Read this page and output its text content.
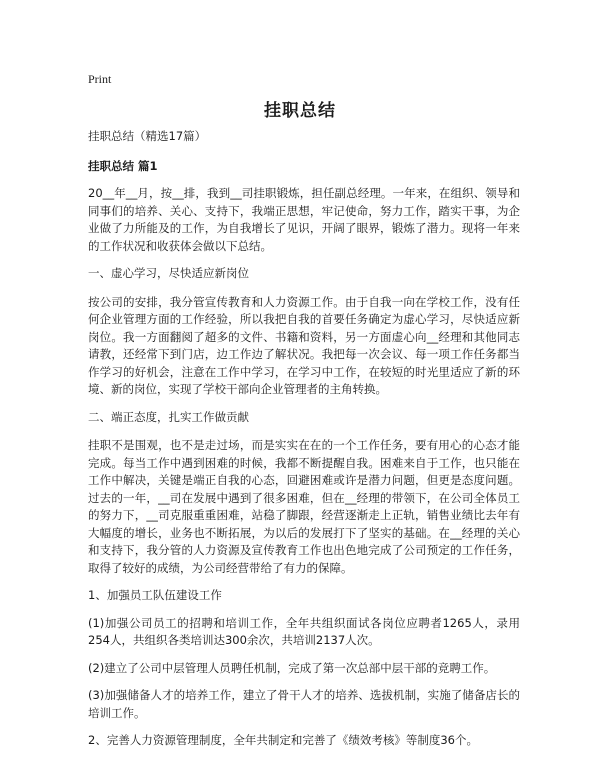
Print
挂职总结

挂职总结（精选17篇）

挂职总结 篇1

20__年__月，按__排，我到__司挂职锻炼，担任副总经理。一年来，在组织、领导和同事们的培养、关心、支持下，我端正思想，牢记使命，努力工作，踏实干事，为企业做了力所能及的工作，为自我增长了见识，开阔了眼界，锻炼了潜力。现将一年来的工作状况和收获体会做以下总结。

一、虚心学习，尽快适应新岗位

按公司的安排，我分管宣传教育和人力资源工作。由于自我一向在学校工作，没有任何企业管理方面的工作经验，所以我把自我的首要任务确定为虚心学习，尽快适应新岗位。我一方面翻阅了超多的文件、书籍和资料，另一方面虚心向__经理和其他同志请教，还经常下到门店，边工作边了解状况。我把每一次会议、每一项工作任务都当作学习的好机会，注意在工作中学习，在学习中工作，在较短的时光里适应了新的环境、新的岗位，实现了学校干部向企业管理者的主角转换。

二、端正态度，扎实工作做贡献

挂职不是围观，也不是走过场，而是实实在在的一个工作任务，要有用心的心态才能完成。每当工作中遇到困难的时候，我都不断提醒自我。困难来自于工作，也只能在工作中解决，关键是端正自我的心态，回避困难或许是潜力问题，但更是态度问题。过去的一年，__司在发展中遇到了很多困难，但在__经理的带领下，在公司全体员工的努力下，__司克服重重困难，站稳了脚跟，经营逐渐走上正轨，销售业绩比去年有大幅度的增长，业务也不断拓展，为以后的发展打下了坚实的基础。在__经理的关心和支持下，我分管的人力资源及宣传教育工作也出色地完成了公司预定的工作任务，取得了较好的成绩，为公司经营带给了有力的保障。

1、加强员工队伍建设工作

(1)加强公司员工的招聘和培训工作，全年共组织面试各岗位应聘者1265人，录用254人，共组织各类培训达300余次，共培训2137人次。

(2)建立了公司中层管理人员聘任机制，完成了第一次总部中层干部的竞聘工作。

(3)加强储备人才的培养工作，建立了骨干人才的培养、选拔机制，实施了储备店长的培训工作。

2、完善人力资源管理制度，全年共制定和完善了《绩效考核》等制度36个。
